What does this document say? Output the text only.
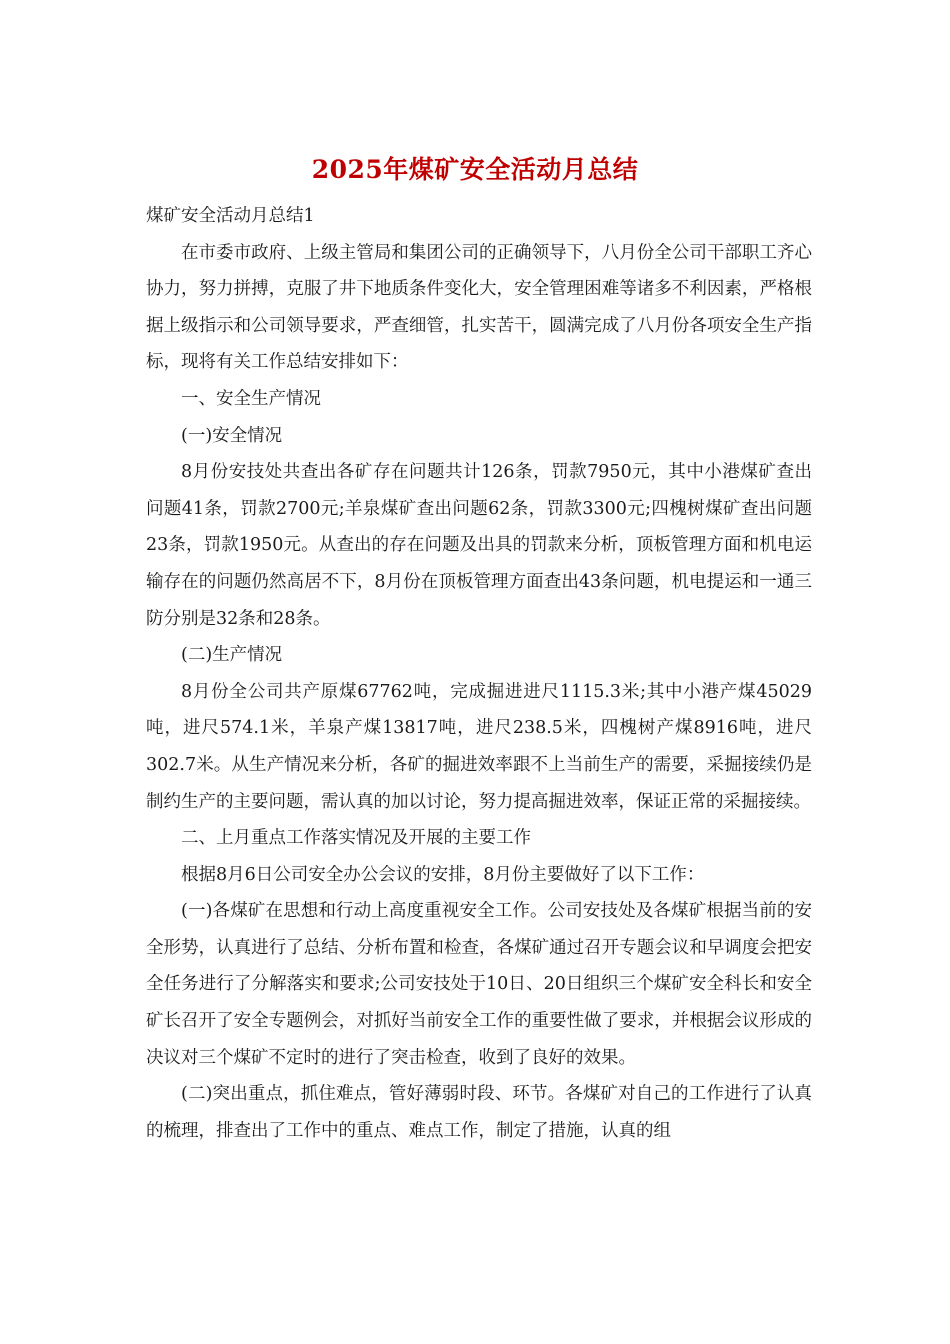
2025年煤矿安全活动月总结

煤矿安全活动月总结1

在市委市政府、上级主管局和集团公司的正确领导下，八月份全公司干部职工齐心协力，努力拼搏，克服了井下地质条件变化大，安全管理困难等诸多不利因素，严格根据上级指示和公司领导要求，严查细管，扎实苦干，圆满完成了八月份各项安全生产指标，现将有关工作总结安排如下：

一、安全生产情况

(一)安全情况

8月份安技处共查出各矿存在问题共计126条，罚款7950元，其中小港煤矿查出问题41条，罚款2700元;羊泉煤矿查出问题62条，罚款3300元;四槐树煤矿查出问题23条，罚款1950元。从查出的存在问题及出具的罚款来分析，顶板管理方面和机电运输存在的问题仍然高居不下，8月份在顶板管理方面查出43条问题，机电提运和一通三防分别是32条和28条。

(二)生产情况

8月份全公司共产原煤67762吨，完成掘进进尺1115.3米;其中小港产煤45029吨，进尺574.1米，羊泉产煤13817吨，进尺238.5米，四槐树产煤8916吨，进尺302.7米。从生产情况来分析，各矿的掘进效率跟不上当前生产的需要，采掘接续仍是制约生产的主要问题，需认真的加以讨论，努力提高掘进效率，保证正常的采掘接续。

二、上月重点工作落实情况及开展的主要工作

根据8月6日公司安全办公会议的安排，8月份主要做好了以下工作：

(一)各煤矿在思想和行动上高度重视安全工作。公司安技处及各煤矿根据当前的安全形势，认真进行了总结、分析布置和检查，各煤矿通过召开专题会议和早调度会把安全任务进行了分解落实和要求;公司安技处于10日、20日组织三个煤矿安全科长和安全矿长召开了安全专题例会，对抓好当前安全工作的重要性做了要求，并根据会议形成的决议对三个煤矿不定时的进行了突击检查，收到了良好的效果。

(二)突出重点，抓住难点，管好薄弱时段、环节。各煤矿对自己的工作进行了认真的梳理，排查出了工作中的重点、难点工作，制定了措施，认真的组
